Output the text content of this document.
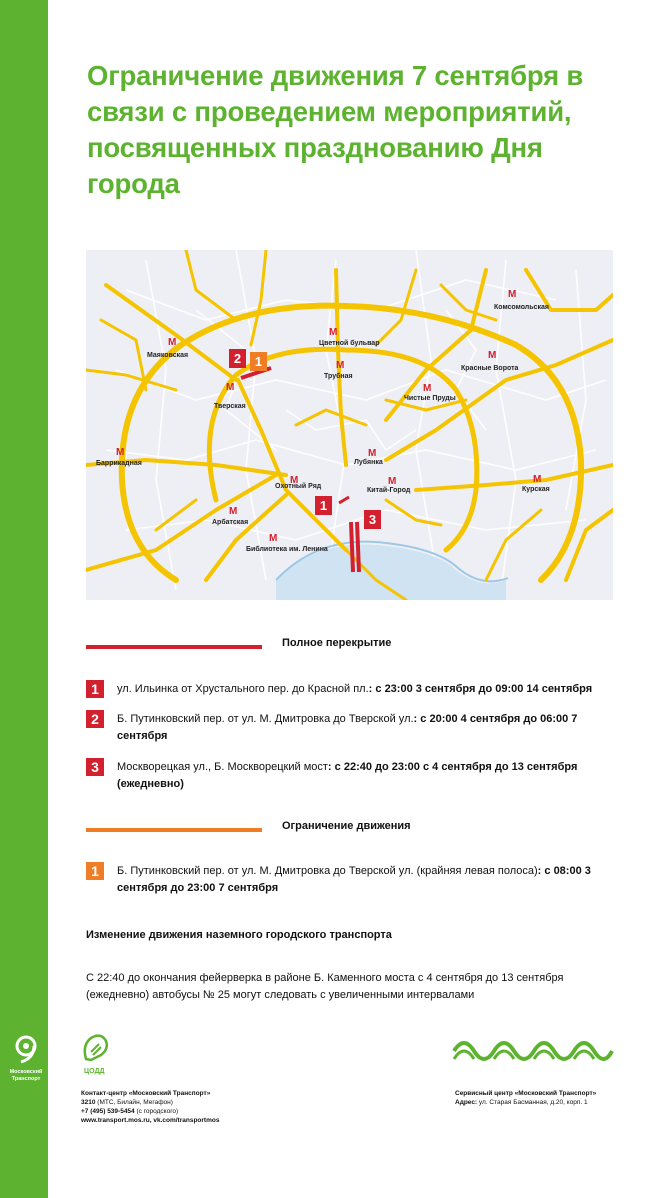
Ограничение движения 7 сентября в связи с проведением мероприятий, посвященных празднованию Дня города
М
М
М
М
М
М	М
М	М
М	М	М
М
М
Комсомольская
Цветной бульвар
Маяковская
Трубная
Красные Ворота
Тверская
Чистые Пруды
Баррикадная	Лубянка
Охотный Ряд
Китай-Город	Курская
Арбатская
Библиотека им. Ленина
2 1
1
3
Полное перекрытие
1	ул. Ильинка от Хрустального пер. до Красной пл.: с 23:00 3 сентября до 09:00 14 сентября
2	Б. Путинковский пер. от ул. М. Дмитровка до Тверской ул.: с 20:00 4 сентября до 06:00 7 сентября
3	Москворецкая ул., Б. Москворецкий мост: с 22:40 до 23:00 с 4 сентября до 13 сентября (ежедневно)
Ограничение движения
1	Б. Путинковский пер. от ул. М. Дмитровка до Тверской ул. (крайняя левая полоса): с 08:00 3 сентября до 23:00 7 сентября
Изменение движения наземного городского транспорта
С 22:40 до окончания фейерверка в районе Б. Каменного моста с 4 сентября до 13 сентября (ежедневно) автобусы № 25 могут следовать с увеличенными интервалами
Московский Транспорт
ЦОДД
Контакт-центр «Московский Транспорт»
3210 (МТС, Билайн, Мегафон)
+7 (495) 539-5454 (с городского)
www.transport.mos.ru, vk.com/transportmos
Сервисный центр «Московский Транспорт»
Адрес: ул. Старая Басманная, д.20, корп. 1
